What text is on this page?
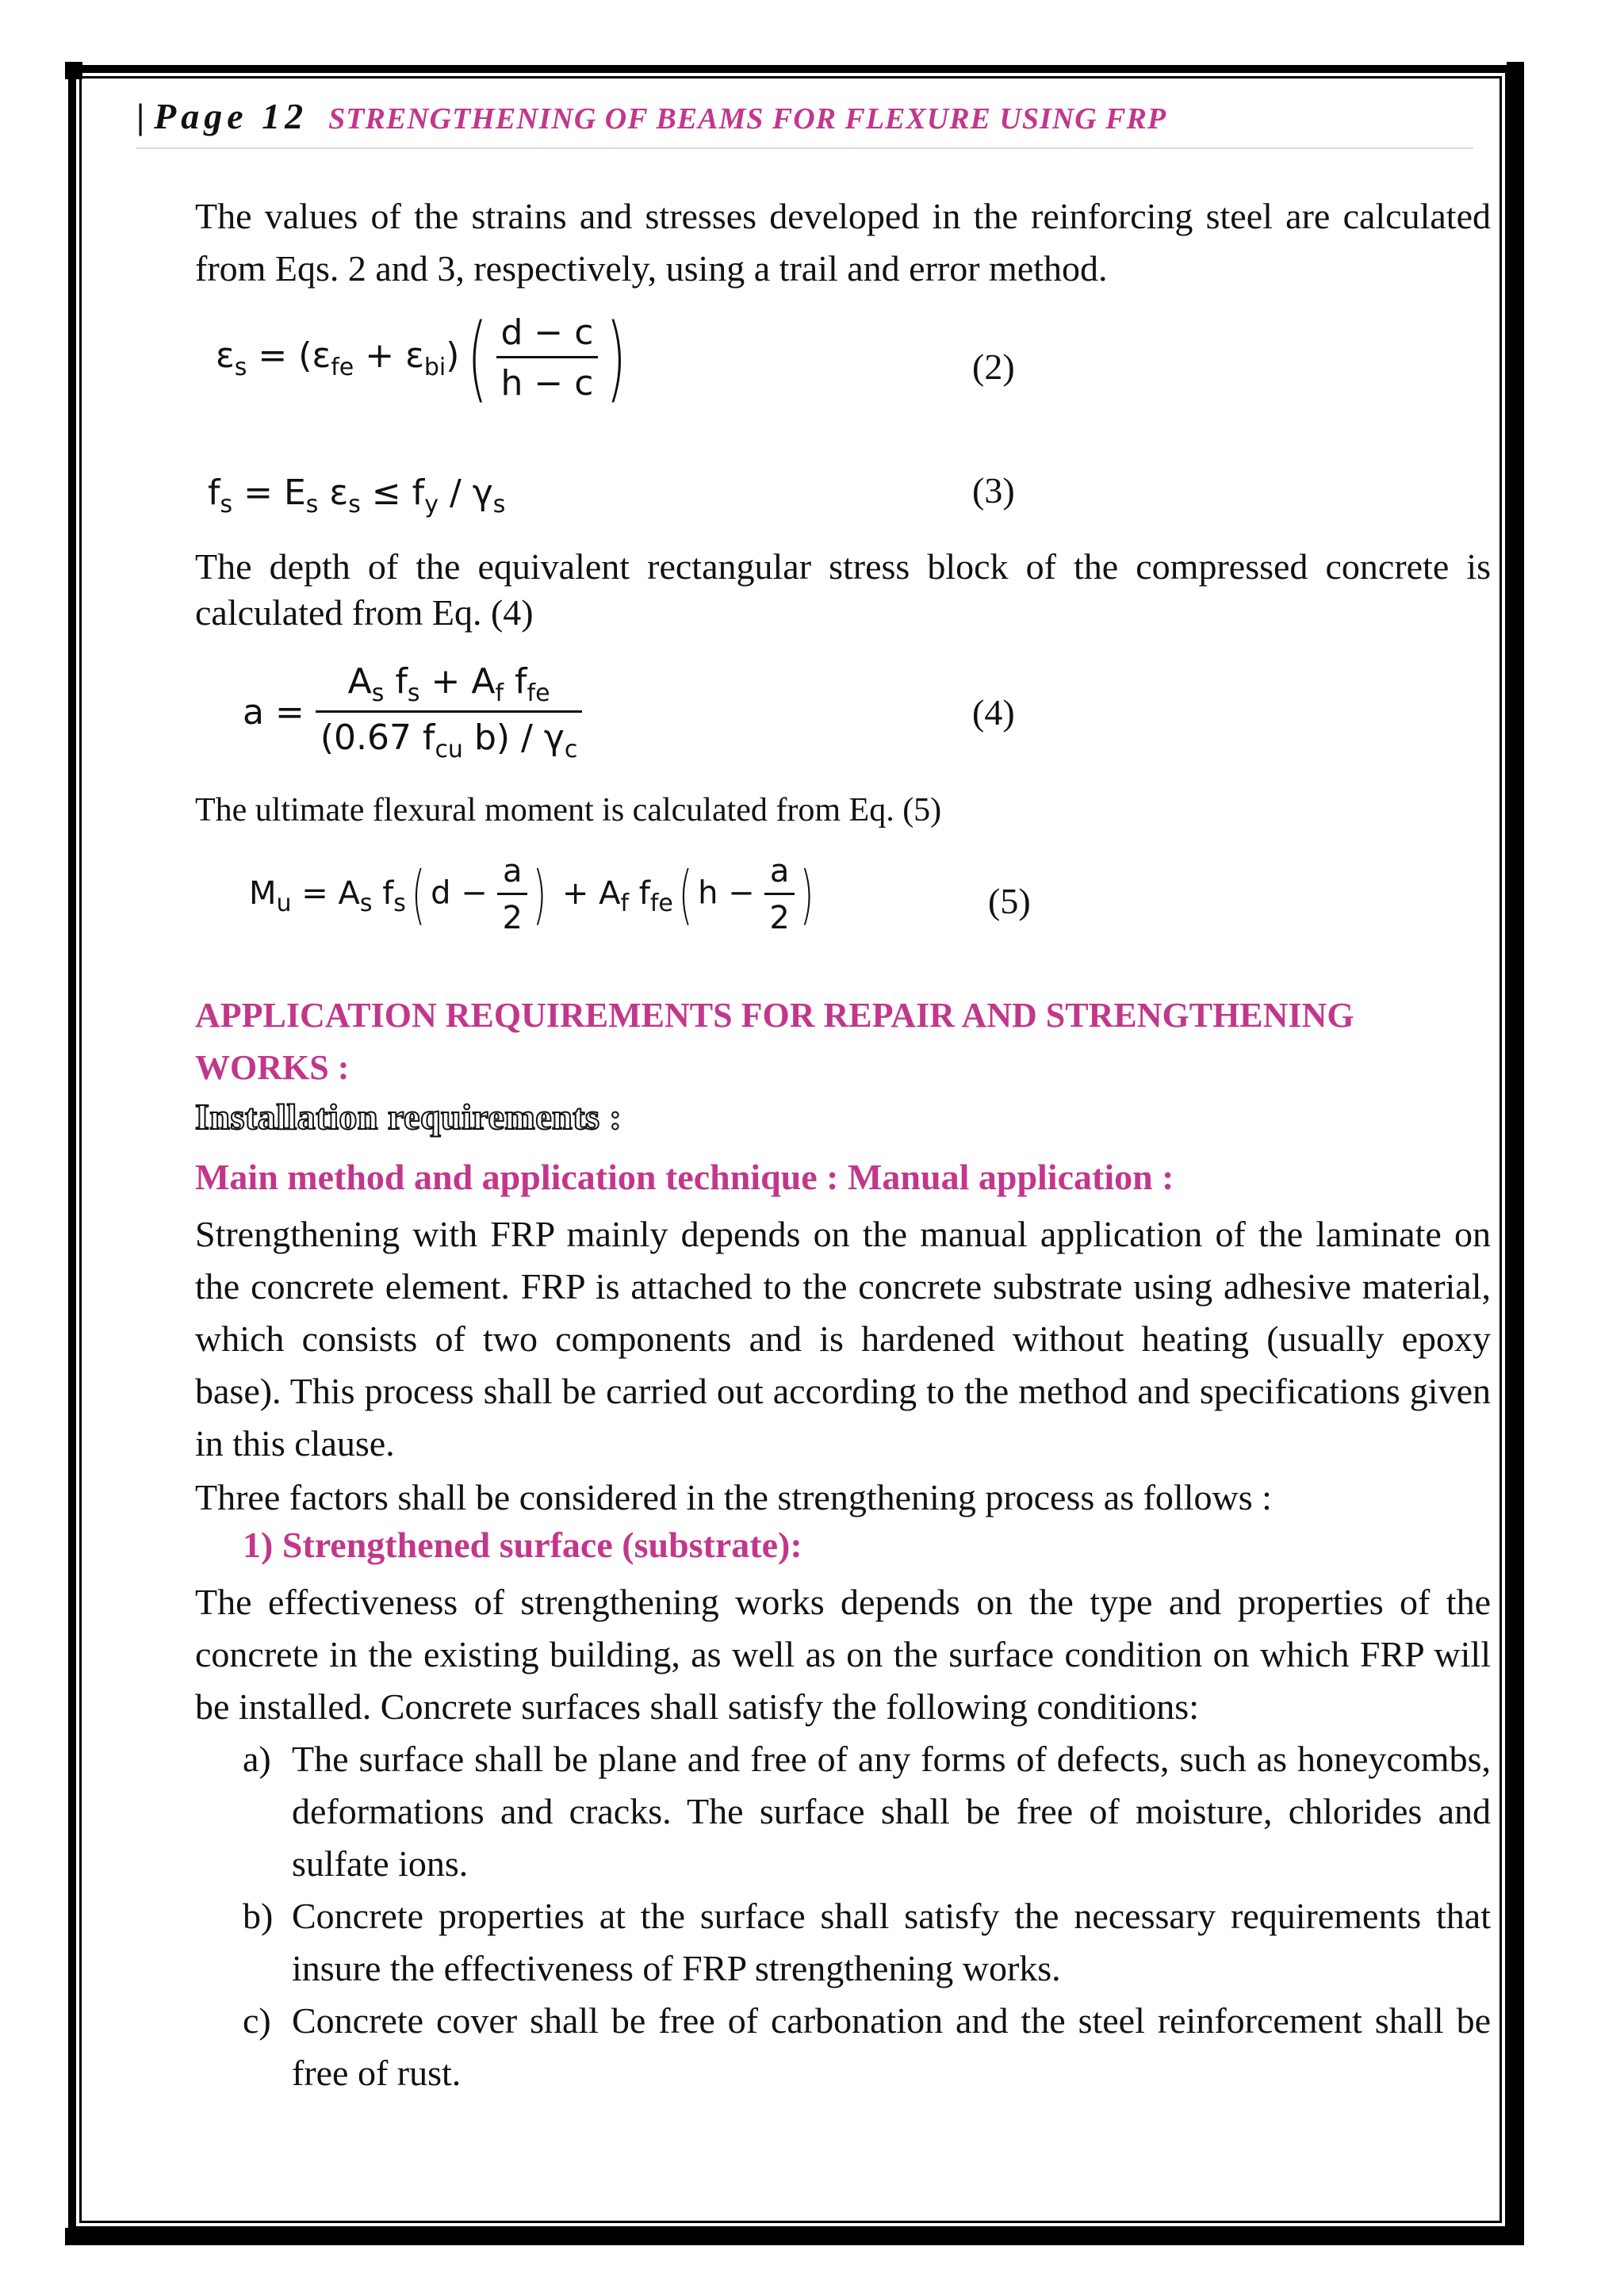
| Page 12 STRENGTHENING OF BEAMS FOR FLEXURE USING FRP
The values of the strains and stresses developed in the reinforcing steel are calculated from Eqs. 2 and 3, respectively, using a trail and error method.
$\varepsilon_s = (\varepsilon_{fe} + \varepsilon_{bi})( \frac{d - c}{h - c}$ )	(2)
$f_s = E_s$ $\varepsilon_s \le f_y / \gamma_s$	(3)
The depth of the equivalent rectangular stress block of the compressed concrete is calculated from Eq. (4)
$a = \frac{A_s f_s + A_f f_{fe}}{(0.67 f_{cu} b) / \gamma_c}$	(4)
The ultimate flexural moment is calculated from Eq. (5)
$M_u = A_s$ $f_s$( $d - \frac{a}{2}$ ) + $A_f$ $f_{fe}$( $h - \frac{a}{2}$ )	(5)
APPLICATION REQUIREMENTS FOR REPAIR AND STRENGTHENING WORKS :
Installation requirements :
Main method and application technique : Manual application :
Strengthening with FRP mainly depends on the manual application of the laminate on the concrete element. FRP is attached to the concrete substrate using adhesive material, which consists of two components and is hardened without heating (usually epoxy base). This process shall be carried out according to the method and specifications given in this clause.
Three factors shall be considered in the strengthening process as follows :
1) Strengthened surface (substrate):
The effectiveness of strengthening works depends on the type and properties of the concrete in the existing building, as well as on the surface condition on which FRP will be installed. Concrete surfaces shall satisfy the following conditions:
a) The surface shall be plane and free of any forms of defects, such as honeycombs, deformations and cracks. The surface shall be free of moisture, chlorides and sulfate ions.
b) Concrete properties at the surface shall satisfy the necessary requirements that insure the effectiveness of FRP strengthening works.
c) Concrete cover shall be free of carbonation and the steel reinforcement shall be free of rust.
